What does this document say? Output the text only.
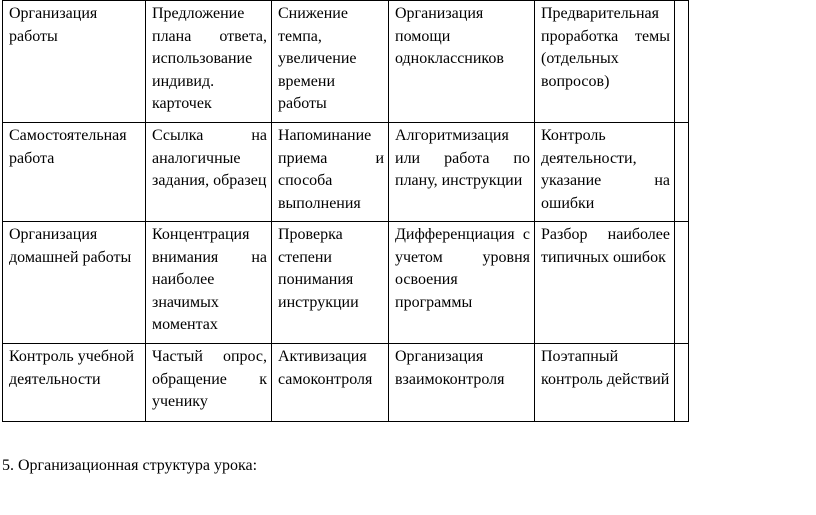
Организация работы	Предложение плана ответа, использование индивид. карточек	Снижение темпа, увеличение времени работы	Организация помощи одноклассников	Предварительная проработка темы (отдельных вопросов)	

Самостоятельная работа	Ссылка на аналогичные задания, образец	Напоминание приема и способа выполнения	Алгоритмизация или работа по плану, инструкции	Контроль деятельности, указание на ошибки	

Организация домашней работы	Концентрация внимания на наиболее значимых моментах	Проверка степени понимания инструкции	Дифференциация с учетом уровня освоения программы	Разбор наиболее типичных ошибок	

Контроль учебной деятельности	Частый опрос, обращение к ученику	Активизация самоконтроля	Организация взаимоконтроля	Поэтапный контроль действий	

5. Организационная структура урока:
